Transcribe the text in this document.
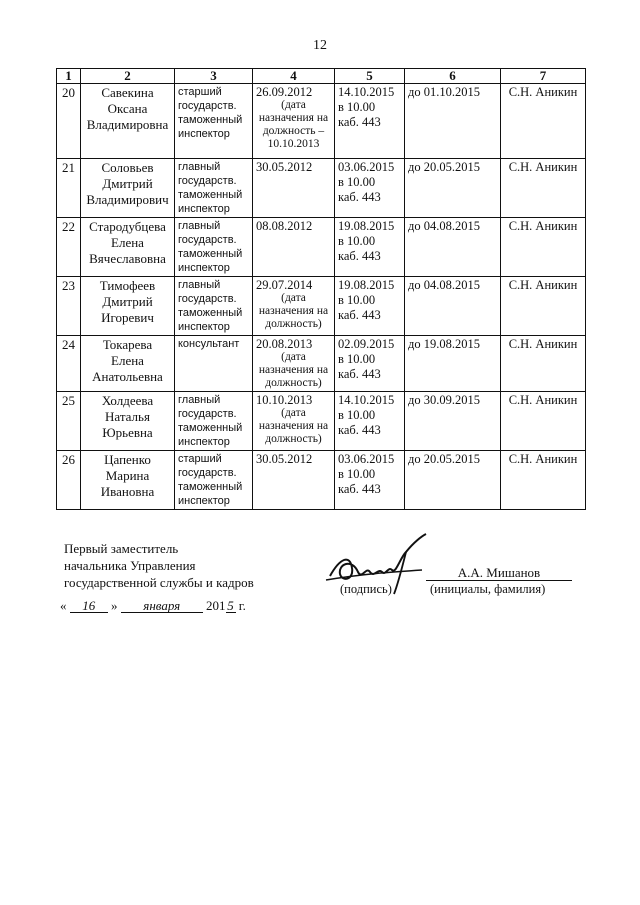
12
1	2	3	4	5	6	7

20	Савекина
Оксана
Владимировна	старший
государств.
таможенный
инспектор	26.09.2012
(дата
назначения на
должность –
10.10.2013	14.10.2015
в 10.00
каб. 443	до 01.10.2015	С.Н. Аникин

21	Соловьев
Дмитрий
Владимирович	главный
государств.
таможенный
инспектор	30.05.2012	03.06.2015
в 10.00
каб. 443	до 20.05.2015	С.Н. Аникин

22	Стародубцева
Елена
Вячеславовна	главный
государств.
таможенный
инспектор	08.08.2012	19.08.2015
в 10.00
каб. 443	до 04.08.2015	С.Н. Аникин

23	Тимофеев
Дмитрий
Игоревич	главный
государств.
таможенный
инспектор	29.07.2014
(дата
назначения на
должность)	19.08.2015
в 10.00
каб. 443	до 04.08.2015	С.Н. Аникин

24	Токарева
Елена
Анатольевна	консультант	20.08.2013
(дата
назначения на
должность)	02.09.2015
в 10.00
каб. 443	до 19.08.2015	С.Н. Аникин

25	Холдеева
Наталья
Юрьевна	главный
государств.
таможенный
инспектор	10.10.2013
(дата
назначения на
должность)	14.10.2015
в 10.00
каб. 443	до 30.09.2015	С.Н. Аникин

26	Цапенко
Марина
Ивановна	старший
государств.
таможенный
инспектор	30.05.2012	03.06.2015
в 10.00
каб. 443	до 20.05.2015	С.Н. Аникин
Первый заместитель
начальника Управления
государственной службы и кадров
А.А. Мишанов
(подпись)	(инициалы, фамилия)
« 16 » января 201 5 г.
